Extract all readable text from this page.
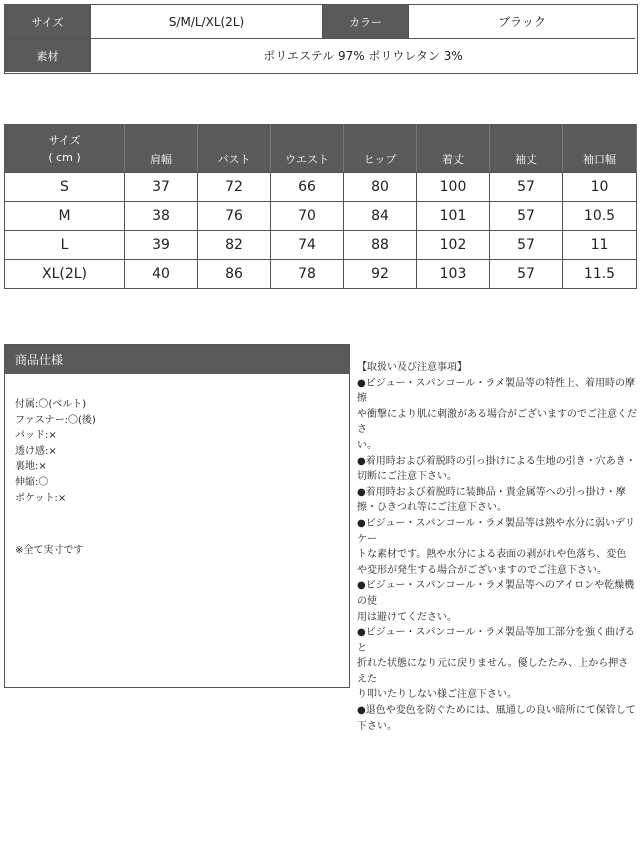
サイズ	S/M/L/XL(2L)	カラー	ブラック
素材	ポリエステル 97% ポリウレタン 3%
サイズ
( cm )	肩幅	バスト	ウエスト	ヒップ	着丈	袖丈	袖口幅
S	37	72	66	80	100	57	10
M	38	76	70	84	101	57	10.5
L	39	82	74	88	102	57	11
XL(2L)	40	86	78	92	103	57	11.5
商品仕様
付属:〇(ベルト)
ファスナー:〇(後)
パッド:×
透け感:×
裏地:×
伸縮:〇
ポケット:×
※全て実寸です
【取扱い及び注意事項】
●ビジュー・スパンコール・ラメ製品等の特性上、着用時の摩擦
や衝撃により肌に刺激がある場合がございますのでご注意くださ
い。
●着用時および着脱時の引っ掛けによる生地の引き・穴あき・
切断にご注意下さい。
●着用時および着脱時に装飾品・貴金属等への引っ掛け・摩
擦・ひきつれ等にご注意下さい。
●ビジュー・スパンコール・ラメ製品等は熱や水分に弱いデリケー
トな素材です。熱や水分による表面の剥がれや色落ち、変色
や変形が発生する場合がございますのでご注意下さい。
●ビジュー・スパンコール・ラメ製品等へのアイロンや乾燥機の使
用は避けてください。
●ビジュー・スパンコール・ラメ製品等加工部分を強く曲げると
折れた状態になり元に戻りません。優したたみ、上から押さえた
り叩いたりしない様ご注意下さい。
●退色や変色を防ぐためには、風通しの良い暗所にて保管して
下さい。
